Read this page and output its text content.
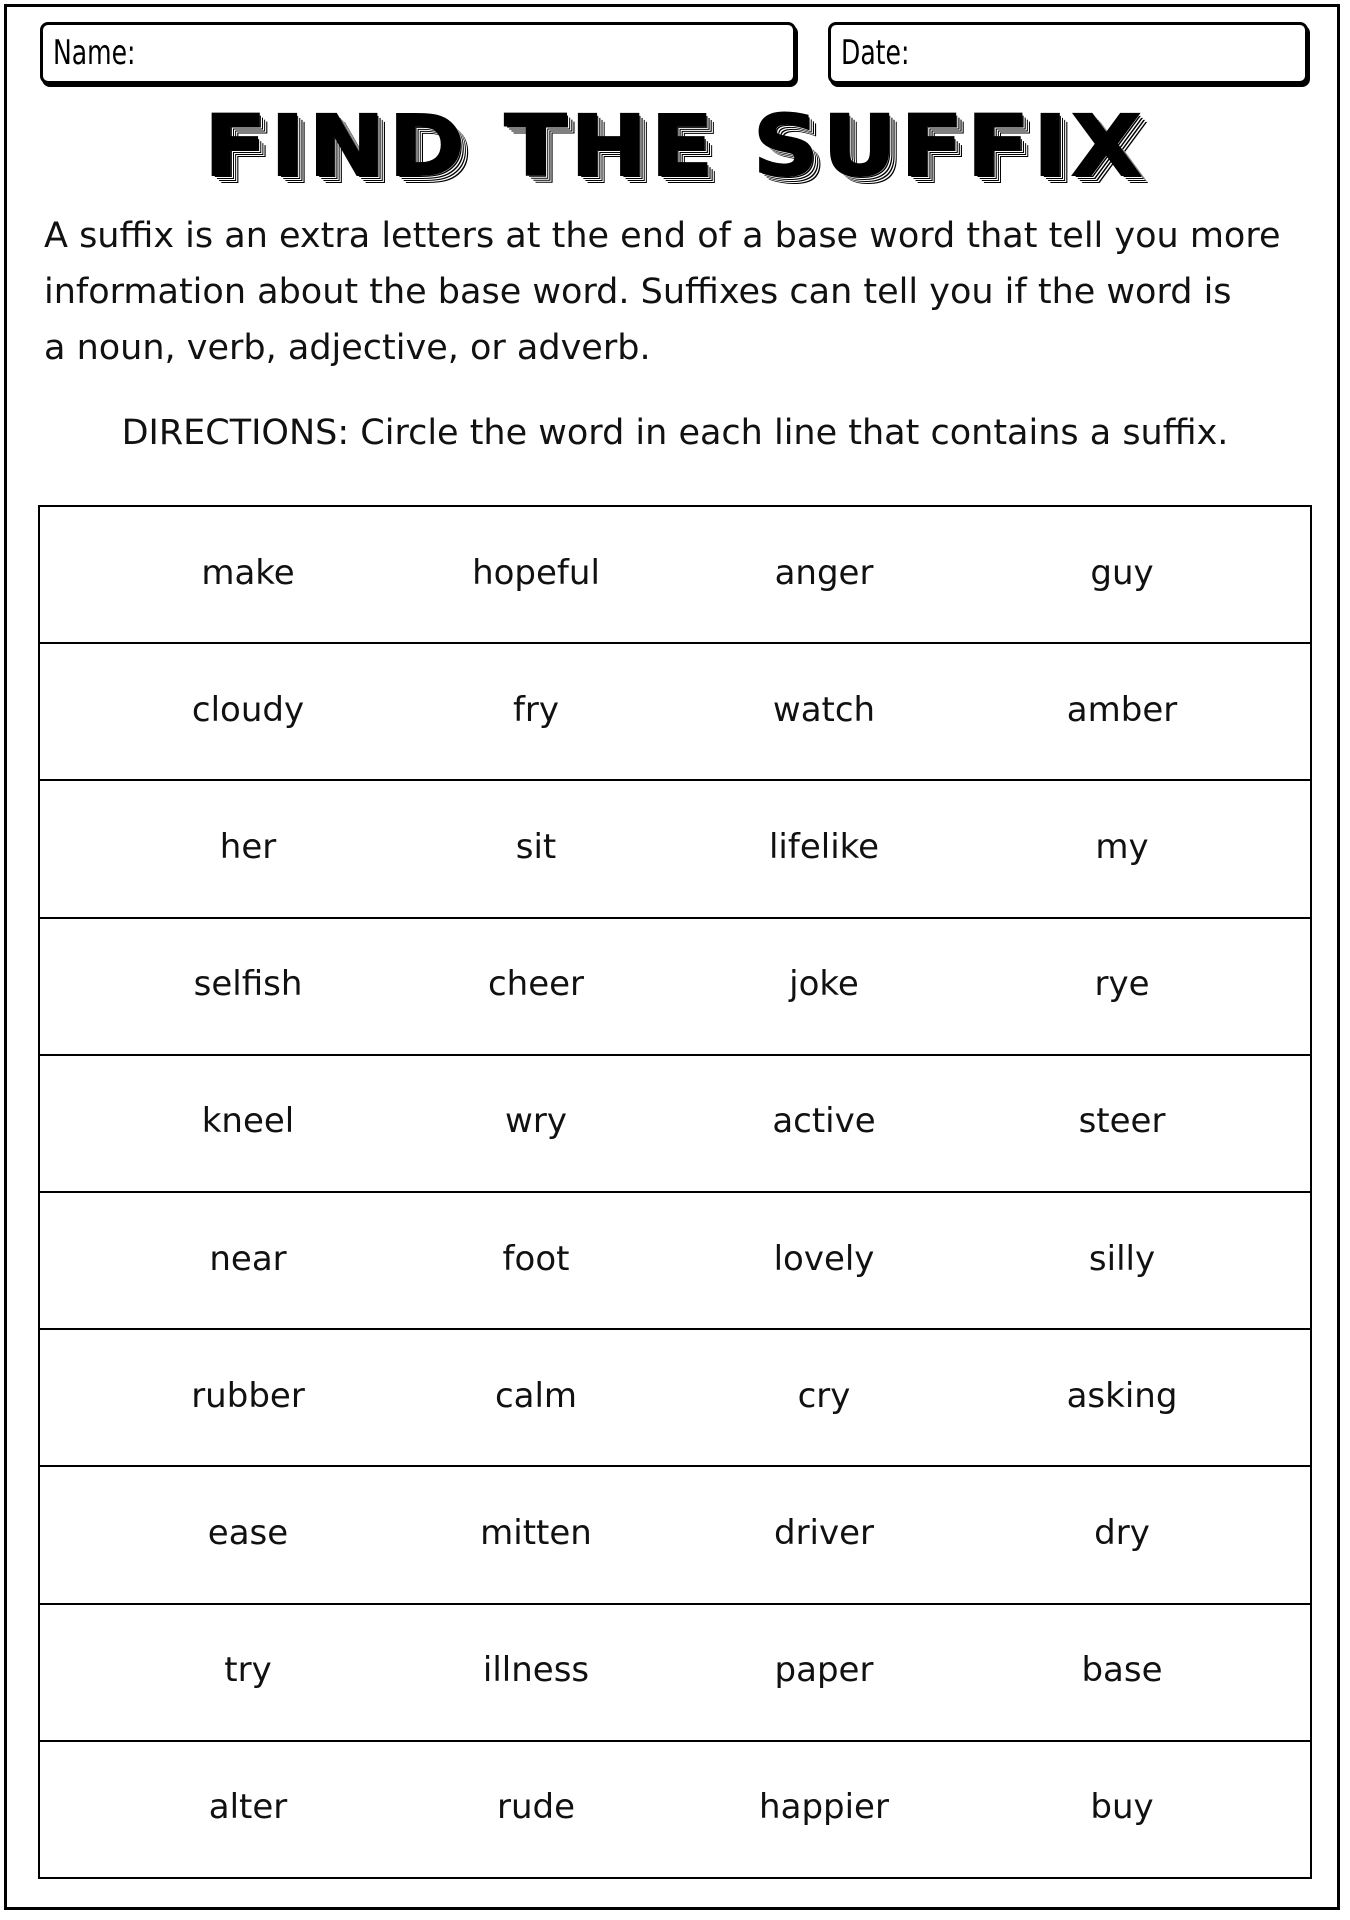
Name:	Date:
FIND THE SUFFIX

A suffix is an extra letters at the end of a base word that tell you more

information about the base word. Suffixes can tell you if the word is

a noun, verb, adjective, or adverb.

DIRECTIONS: Circle the word in each line that contains a suffix.
make	hopeful	anger	guy
cloudy	fry	watch	amber
her	sit	lifelike	my
selfish	cheer	joke	rye
kneel	wry	active	steer
near	foot	lovely	silly
rubber	calm	cry	asking
ease	mitten	driver	dry
try	illness	paper	base
alter	rude	happier	buy
